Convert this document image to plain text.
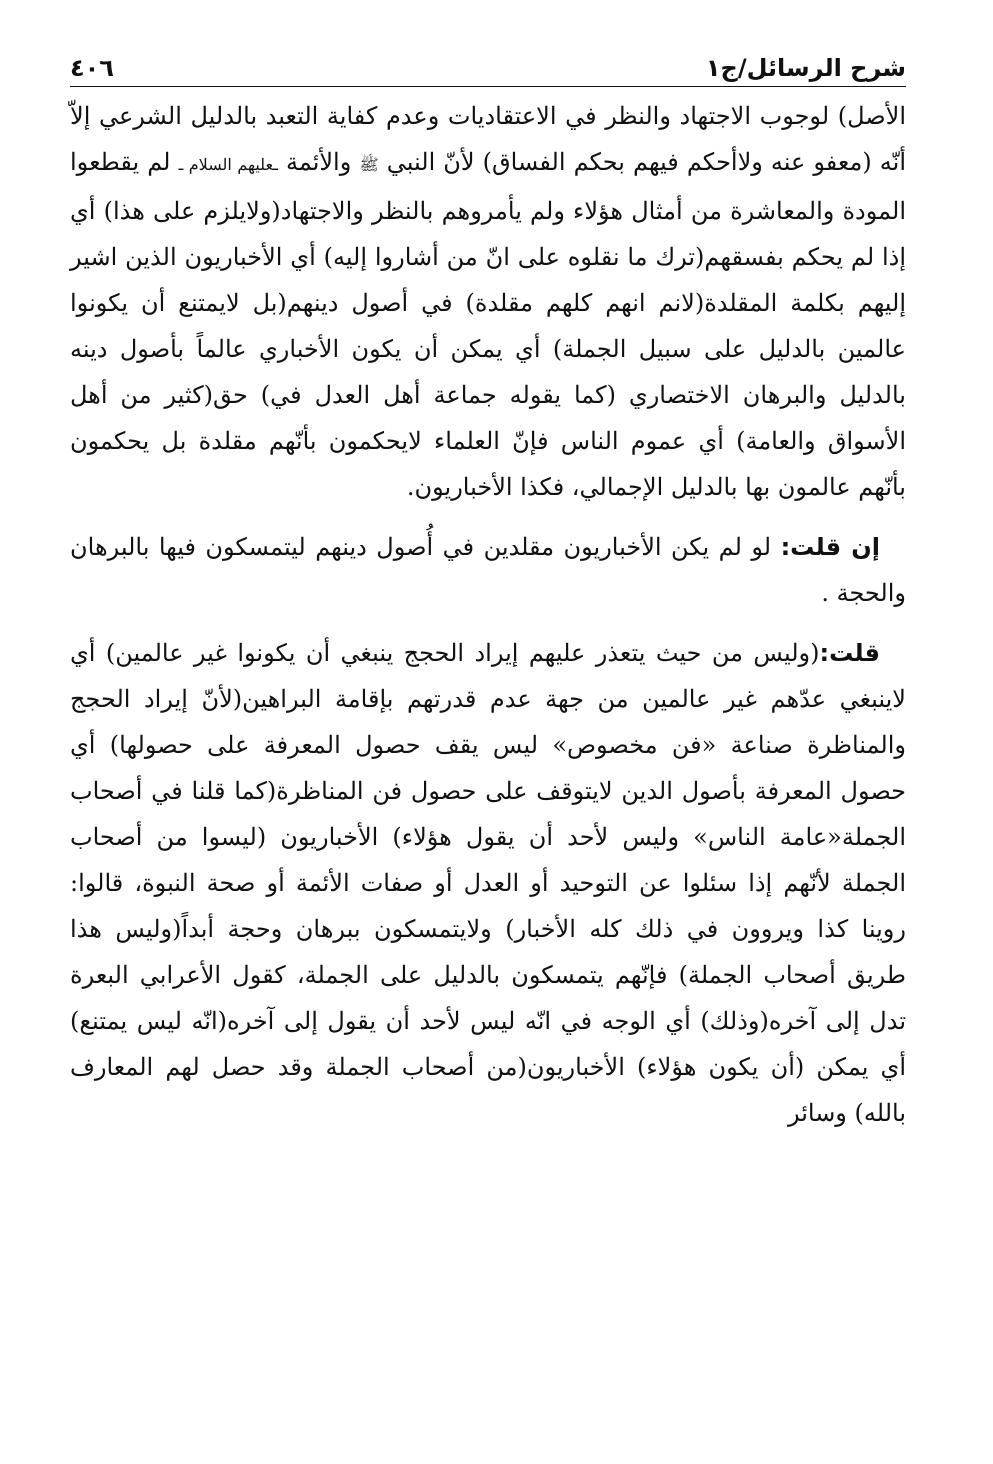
شرح الرسائل/ج١
٤٠٦

الأصل) لوجوب الاجتهاد والنظر في الاعتقاديات وعدم كفاية التعبد بالدليل الشرعي إلاّ أنّه (معفو عنه ولاأحكم فيهم بحكم الفساق) لأنّ النبي ﷺ والأئمة ـعليهم السلام ـ لم يقطعوا المودة والمعاشرة من أمثال هؤلاء ولم يأمروهم بالنظر والاجتهاد(ولايلزم على هذا) أي إذا لم يحكم بفسقهم(ترك ما نقلوه على انّ من أشاروا إليه) أي الأخباريون الذين اشير إليهم بكلمة المقلدة(لانم انهم كلهم مقلدة) في أصول دينهم(بل لايمتنع أن يكونوا عالمين بالدليل على سبيل الجملة) أي يمكن أن يكون الأخباري عالماً بأصول دينه بالدليل والبرهان الاختصاري (كما يقوله جماعة أهل العدل في) حق(كثير من أهل الأسواق والعامة) أي عموم الناس فإنّ العلماء لايحكمون بأنّهم مقلدة بل يحكمون بأنّهم عالمون بها بالدليل الإجمالي، فكذا الأخباريون.

إن قلت: لو لم يكن الأخباريون مقلدين في أُصول دينهم ليتمسكون فيها بالبرهان والحجة .

قلت:(وليس من حيث يتعذر عليهم إيراد الحجج ينبغي أن يكونوا غير عالمين) أي لاينبغي عدّهم غير عالمين من جهة عدم قدرتهم بإقامة البراهين(لأنّ إيراد الحجج والمناظرة صناعة «فن مخصوص» ليس يقف حصول المعرفة على حصولها) أي حصول المعرفة بأصول الدين لايتوقف على حصول فن المناظرة(كما قلنا في أصحاب الجملة«عامة الناس» وليس لأحد أن يقول هؤلاء) الأخباريون (ليسوا من أصحاب الجملة لأنّهم إذا سئلوا عن التوحيد أو العدل أو صفات الأئمة أو صحة النبوة، قالوا: روينا كذا ويروون في ذلك كله الأخبار) ولايتمسكون ببرهان وحجة أبداً(وليس هذا طريق أصحاب الجملة) فإنّهم يتمسكون بالدليل على الجملة، كقول الأعرابي البعرة تدل إلى آخره(وذلك) أي الوجه في انّه ليس لأحد أن يقول إلى آخره(انّه ليس يمتنع) أي يمكن (أن يكون هؤلاء) الأخباريون(من أصحاب الجملة وقد حصل لهم المعارف بالله) وسائر
